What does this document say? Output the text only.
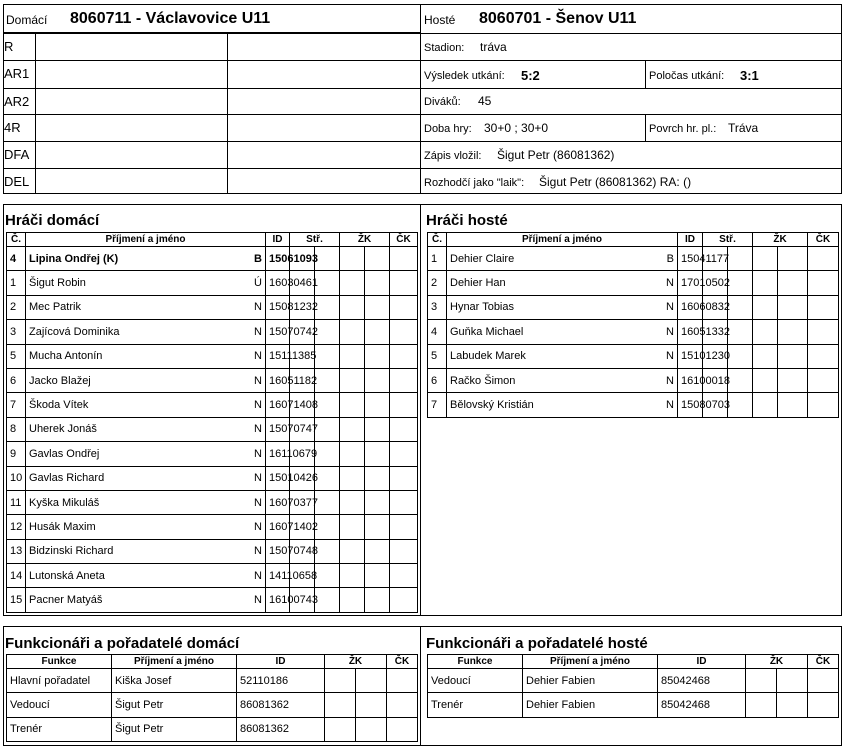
Domácí 8060711 - Václavovice U11
R
AR1
AR2
4R
DFA
DEL
Hosté 8060701 - Šenov U11
Stadion: tráva
Výsledek utkání: 5:2	Poločas utkání: 3:1
Diváků: 45
Doba hry: 30+0 ; 30+0	Povrch hr. pl.: Tráva
Zápis vložil: Šigut Petr (86081362)
Rozhodčí jako "laik": Šigut Petr (86081362) RA: ()
Hráči domácí
Č.	Příjmení a jméno		ID	Stř.		ŽK		ČK	
4	Lipina Ondřej (K)	B	15061093						
1	Šigut Robin	Ú	16030461						
2	Mec Patrik	N	15081232						
3	Zajícová Dominika	N	15070742						
5	Mucha Antonín	N	15111385						
6	Jacko Blažej	N	16051182						
7	Škoda Vítek	N	16071408						
8	Uherek Jonáš	N	15070747						
9	Gavlas Ondřej	N	16110679						
10	Gavlas Richard	N	15010426						
11	Kyška Mikuláš	N	16070377						
12	Husák Maxim	N	16071402						
13	Bidzinski Richard	N	15070748						
14	Lutonská Aneta	N	14110658						
15	Pacner Matyáš	N	16100743						
Hráči hosté
Č.	Příjmení a jméno		ID	Stř.		ŽK		ČK	
1	Dehier Claire	B	15041177						
2	Dehier Han	N	17010502						
3	Hynar Tobias	N	16060832						
4	Guňka Michael	N	16051332						
5	Labudek Marek	N	15101230						
6	Račko Šimon	N	16100018						
7	Bělovský Kristián	N	15080703						
Funkcionáři a pořadatelé domácí
Funkce	Příjmení a jméno	ID	ŽK		ČK
Hlavní pořadatel	Kiška Josef	52110186			
Vedoucí	Šigut Petr	86081362			
Trenér	Šigut Petr	86081362			
Funkcionáři a pořadatelé hosté
Funkce	Příjmení a jméno	ID	ŽK		ČK
Vedoucí	Dehier Fabien	85042468			
Trenér	Dehier Fabien	85042468			
